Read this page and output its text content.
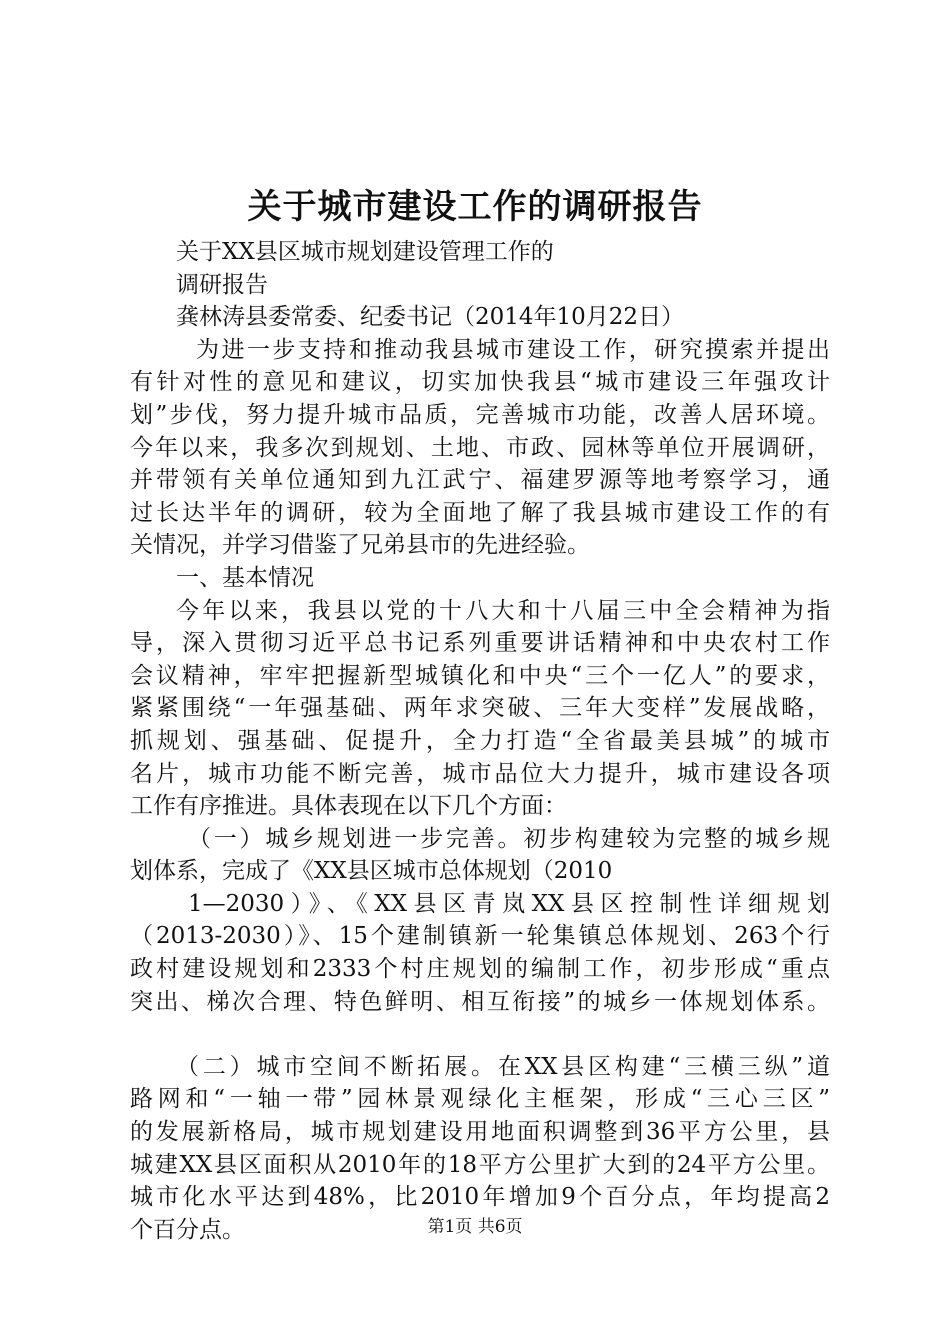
关于城市建设工作的调研报告
关于XX县区城市规划建设管理工作的
调研报告
龚林涛县委常委、纪委书记（2014年10月22日）
为进一步支持和推动我县城市建设工作，研究摸索并提出
有针对性的意见和建议，切实加快我县“城市建设三年强攻计
划”步伐，努力提升城市品质，完善城市功能，改善人居环境。
今年以来，我多次到规划、土地、市政、园林等单位开展调研，
并带领有关单位通知到九江武宁、福建罗源等地考察学习，通
过长达半年的调研，较为全面地了解了我县城市建设工作的有
关情况，并学习借鉴了兄弟县市的先进经验。
一、基本情况
今年以来，我县以党的十八大和十八届三中全会精神为指
导，深入贯彻习近平总书记系列重要讲话精神和中央农村工作
会议精神，牢牢把握新型城镇化和中央“三个一亿人”的要求，
紧紧围绕“一年强基础、两年求突破、三年大变样”发展战略，
抓规划、强基础、促提升，全力打造“全省最美县城”的城市
名片，城市功能不断完善，城市品位大力提升，城市建设各项
工作有序推进。具体表现在以下几个方面：
（一）城乡规划进一步完善。初步构建较为完整的城乡规
划体系，完成了《XX县区城市总体规划（2010
1—2030）》、《XX县区青岚XX县区控制性详细规划
（2013-2030）》、15个建制镇新一轮集镇总体规划、263个行
政村建设规划和2333个村庄规划的编制工作，初步形成“重点
突出、梯次合理、特色鲜明、相互衔接”的城乡一体规划体系。
（二）城市空间不断拓展。在XX县区构建“三横三纵”道
路网和“一轴一带”园林景观绿化主框架，形成“三心三区”
的发展新格局，城市规划建设用地面积调整到36平方公里，县
城建XX县区面积从2010年的18平方公里扩大到的24平方公里。
城市化水平达到48%，比2010年增加9个百分点，年均提高2
个百分点。	第1页 共6页
